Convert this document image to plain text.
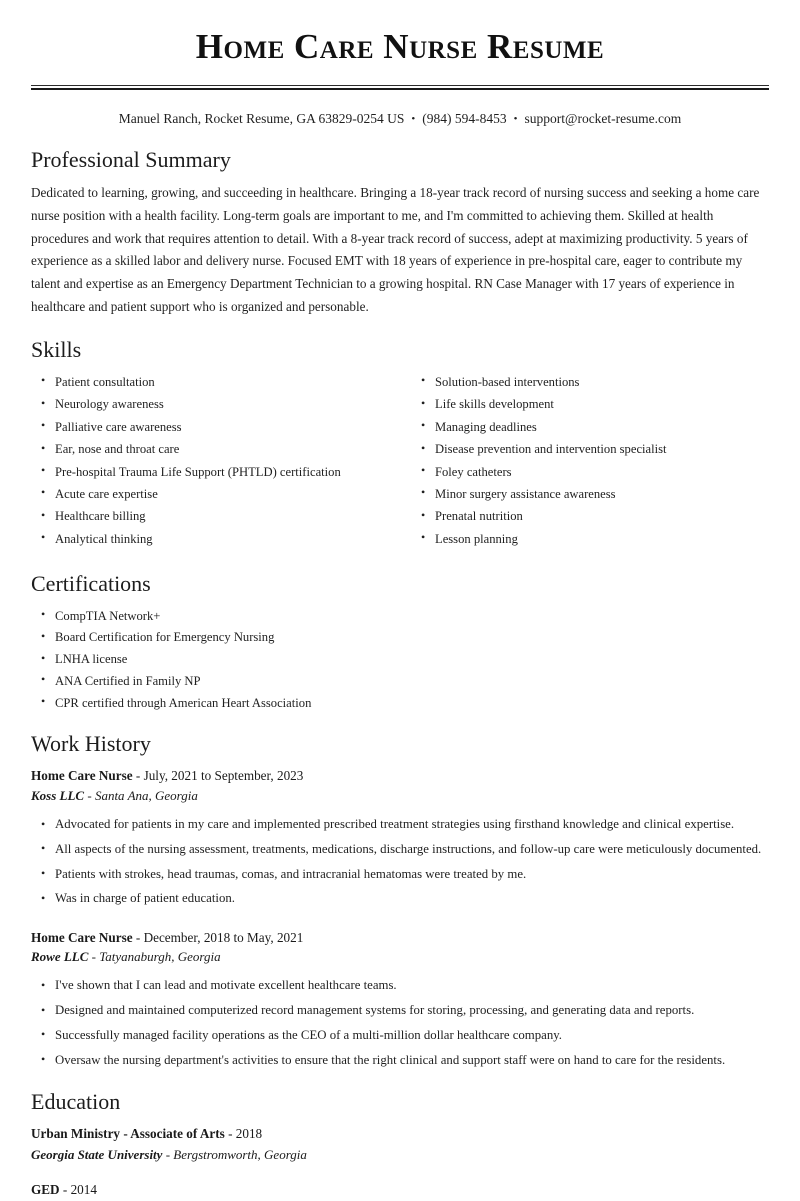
Home Care Nurse Resume
Manuel Ranch, Rocket Resume, GA 63829-0254 US • (984) 594-8453 • support@rocket-resume.com
Professional Summary

Dedicated to learning, growing, and succeeding in healthcare. Bringing a 18-year track record of nursing success and seeking a home care nurse position with a health facility. Long-term goals are important to me, and I'm committed to achieving them. Skilled at health procedures and work that requires attention to detail. With a 8-year track record of success, adept at maximizing productivity. 5 years of experience as a skilled labor and delivery nurse. Focused EMT with 18 years of experience in pre-hospital care, eager to contribute my talent and expertise as an Emergency Department Technician to a growing hospital. RN Case Manager with 17 years of experience in healthcare and patient support who is organized and personable.

Skills
• Patient consultation
• Neurology awareness
• Palliative care awareness
• Ear, nose and throat care
• Pre-hospital Trauma Life Support (PHTLD) certification
• Acute care expertise
• Healthcare billing
• Analytical thinking
• Solution-based interventions
• Life skills development
• Managing deadlines
• Disease prevention and intervention specialist
• Foley catheters
• Minor surgery assistance awareness
• Prenatal nutrition
• Lesson planning
Certifications
• CompTIA Network+
• Board Certification for Emergency Nursing
• LNHA license
• ANA Certified in Family NP
• CPR certified through American Heart Association
Work History
Home Care Nurse - July, 2021 to September, 2023
Koss LLC - Santa Ana, Georgia
• Advocated for patients in my care and implemented prescribed treatment strategies using firsthand knowledge and clinical expertise.
• All aspects of the nursing assessment, treatments, medications, discharge instructions, and follow-up care were meticulously documented.
• Patients with strokes, head traumas, comas, and intracranial hematomas were treated by me.
• Was in charge of patient education.
Home Care Nurse - December, 2018 to May, 2021
Rowe LLC - Tatyanaburgh, Georgia
• I've shown that I can lead and motivate excellent healthcare teams.
• Designed and maintained computerized record management systems for storing, processing, and generating data and reports.
• Successfully managed facility operations as the CEO of a multi-million dollar healthcare company.
• Oversaw the nursing department's activities to ensure that the right clinical and support staff were on hand to care for the residents.
Education
Urban Ministry - Associate of Arts - 2018
Georgia State University - Bergstromworth, Georgia
GED - 2014
